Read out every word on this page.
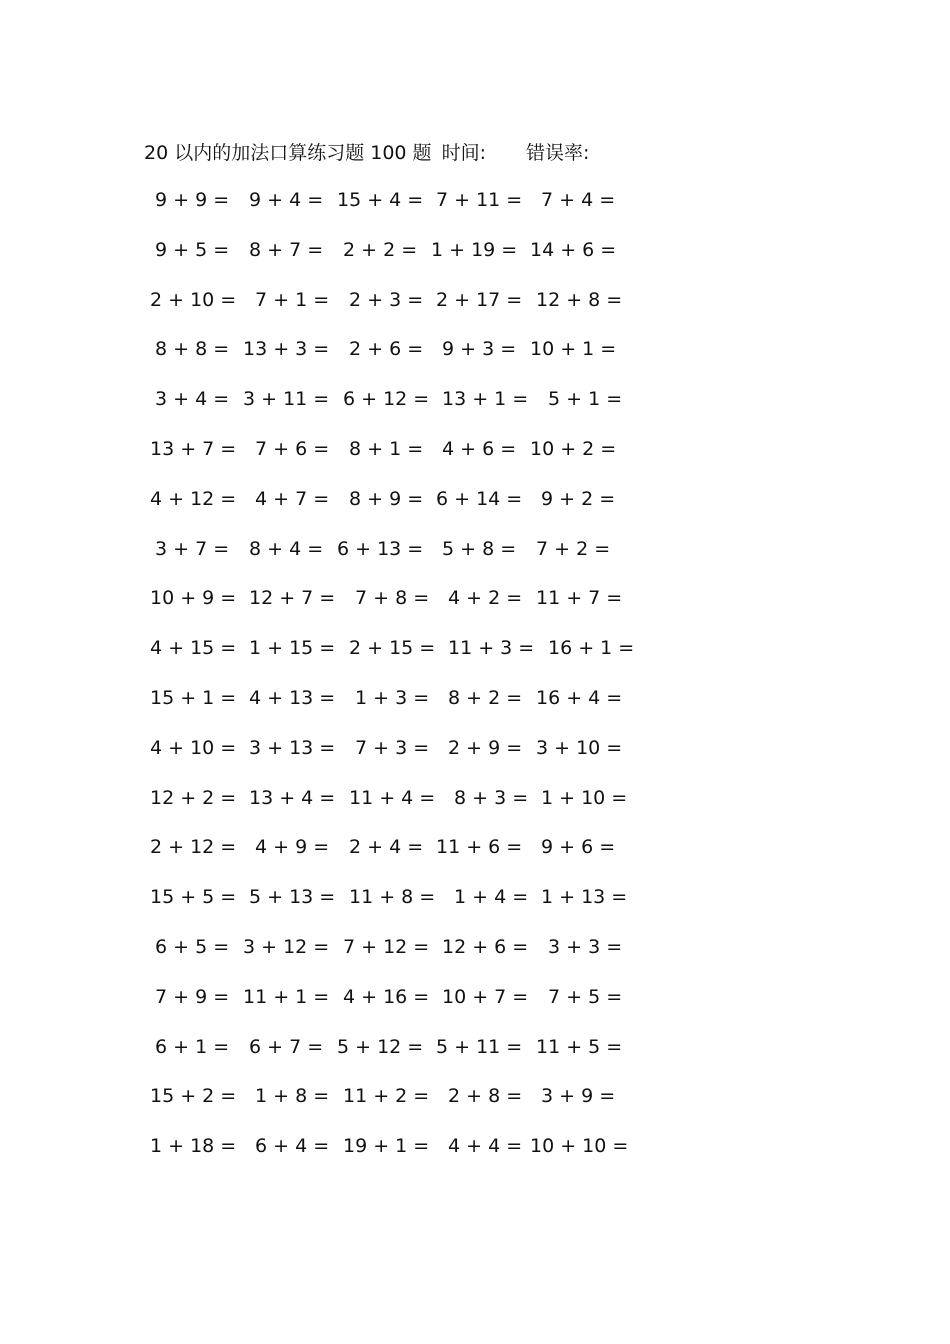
20 以内的加法口算练习题 100 题 时间: 错误率:
9 + 9 = 9 + 4 = 15 + 4 = 7 + 11 = 7 + 4 =
9 + 5 = 8 + 7 = 2 + 2 = 1 + 19 = 14 + 6 =
2 + 10 = 7 + 1 = 2 + 3 = 2 + 17 = 12 + 8 =
8 + 8 = 13 + 3 = 2 + 6 = 9 + 3 = 10 + 1 =
3 + 4 = 3 + 11 = 6 + 12 = 13 + 1 = 5 + 1 =
13 + 7 = 7 + 6 = 8 + 1 = 4 + 6 = 10 + 2 =
4 + 12 = 4 + 7 = 8 + 9 = 6 + 14 = 9 + 2 =
3 + 7 = 8 + 4 = 6 + 13 = 5 + 8 = 7 + 2 =
10 + 9 = 12 + 7 = 7 + 8 = 4 + 2 = 11 + 7 =
4 + 15 = 1 + 15 = 2 + 15 = 11 + 3 = 16 + 1 =
15 + 1 = 4 + 13 = 1 + 3 = 8 + 2 = 16 + 4 =
4 + 10 = 3 + 13 = 7 + 3 = 2 + 9 = 3 + 10 =
12 + 2 = 13 + 4 = 11 + 4 = 8 + 3 = 1 + 10 =
2 + 12 = 4 + 9 = 2 + 4 = 11 + 6 = 9 + 6 =
15 + 5 = 5 + 13 = 11 + 8 = 1 + 4 = 1 + 13 =
6 + 5 = 3 + 12 = 7 + 12 = 12 + 6 = 3 + 3 =
7 + 9 = 11 + 1 = 4 + 16 = 10 + 7 = 7 + 5 =
6 + 1 = 6 + 7 = 5 + 12 = 5 + 11 = 11 + 5 =
15 + 2 = 1 + 8 = 11 + 2 = 2 + 8 = 3 + 9 =
1 + 18 = 6 + 4 = 19 + 1 = 4 + 4 = 10 + 10 =
